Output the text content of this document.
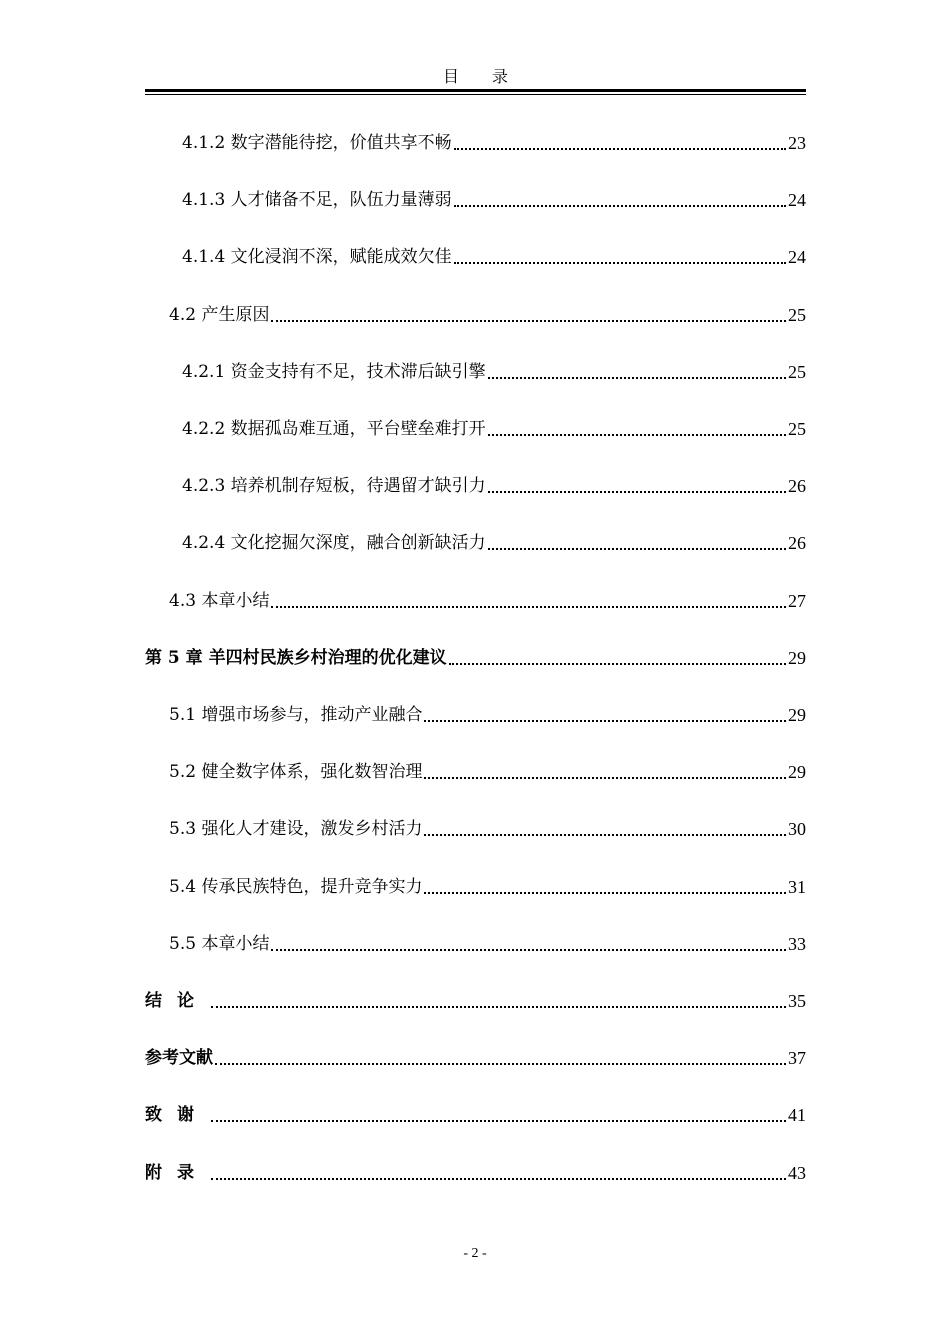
目 录
4.1.2 数字潜能待挖，价值共享不畅	23
4.1.3 人才储备不足，队伍力量薄弱	24
4.1.4 文化浸润不深，赋能成效欠佳	24
4.2 产生原因	25
4.2.1 资金支持有不足，技术滞后缺引擎	25
4.2.2 数据孤岛难互通，平台壁垒难打开	25
4.2.3 培养机制存短板，待遇留才缺引力	26
4.2.4 文化挖掘欠深度，融合创新缺活力	26
4.3 本章小结	27
第 5 章 羊四村民族乡村治理的优化建议	29
5.1 增强市场参与，推动产业融合	29
5.2 健全数字体系，强化数智治理	29
5.3 强化人才建设，激发乡村活力	30
5.4 传承民族特色，提升竞争实力	31
5.5 本章小结	33
结论	35
参考文献	37
致谢	41
附录	43
- 2 -
